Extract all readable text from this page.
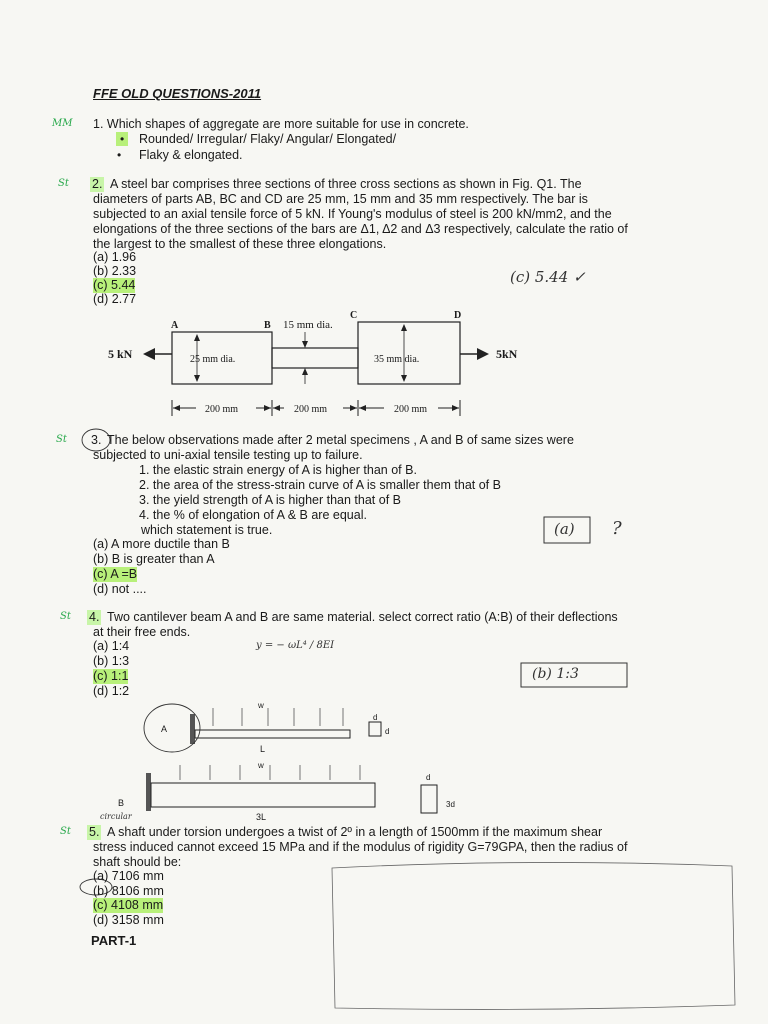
FFE OLD QUESTIONS-2011
MM 1. Which shapes of aggregate are more suitable for use in concrete.
•	Rounded/ Irregular/ Flaky/ Angular/ Elongated/
• Flaky & elongated.
St 2. A steel bar comprises three sections of three cross sections as shown in Fig. Q1. The
diameters of parts AB, BC and CD are 25 mm, 15 mm and 35 mm respectively. The bar is
subjected to an axial tensile force of 5 kN. If Young's modulus of steel is 200 kN/mm2, and the
elongations of the three sections of the bars are Δ1, Δ2 and Δ3 respectively, calculate the ratio of
the largest to the smallest of these three elongations.
(a) 1.96
(b) 2.33
(c) 5.44
(d) 2.77
(c) 5.44 ✓
A	B
C	D
15 mm dia.
5 kN	5kN
25 mm dia.	35 mm dia.
200 mm	200 mm	200 mm
St 3. The below observations made after 2 metal specimens , A and B of same sizes were
subjected to uni-axial tensile testing up to failure.
1. the elastic strain energy of A is higher than of B.
2. the area of the stress-strain curve of A is smaller them that of B
3. the yield strength of A is higher than that of B
4. the % of elongation of A & B are equal.
which statement is true.
(a) A more ductile than B
(b) B is greater than A
(c) A =B
(d) not ....
(a) ?
St 4. Two cantilever beam A and B are same material. select correct ratio (A:B) of their deflections
at their free ends.
(a) 1:4
(b) 1:3
(c) 1:1
(d) 1:2
y = − ωL⁴ / 8EI
(b) 1:3
circular
A
w
L
d
d
w
B
3L
d
3d
St 5. A shaft under torsion undergoes a twist of 2º in a length of 1500mm if the maximum shear
stress induced cannot exceed 15 MPa and if the modulus of rigidity G=79GPA, then the radius of
shaft should be:
(a) 7106 mm
(b) 8106 mm
(c) 4108 mm
(d) 3158 mm
PART-1
